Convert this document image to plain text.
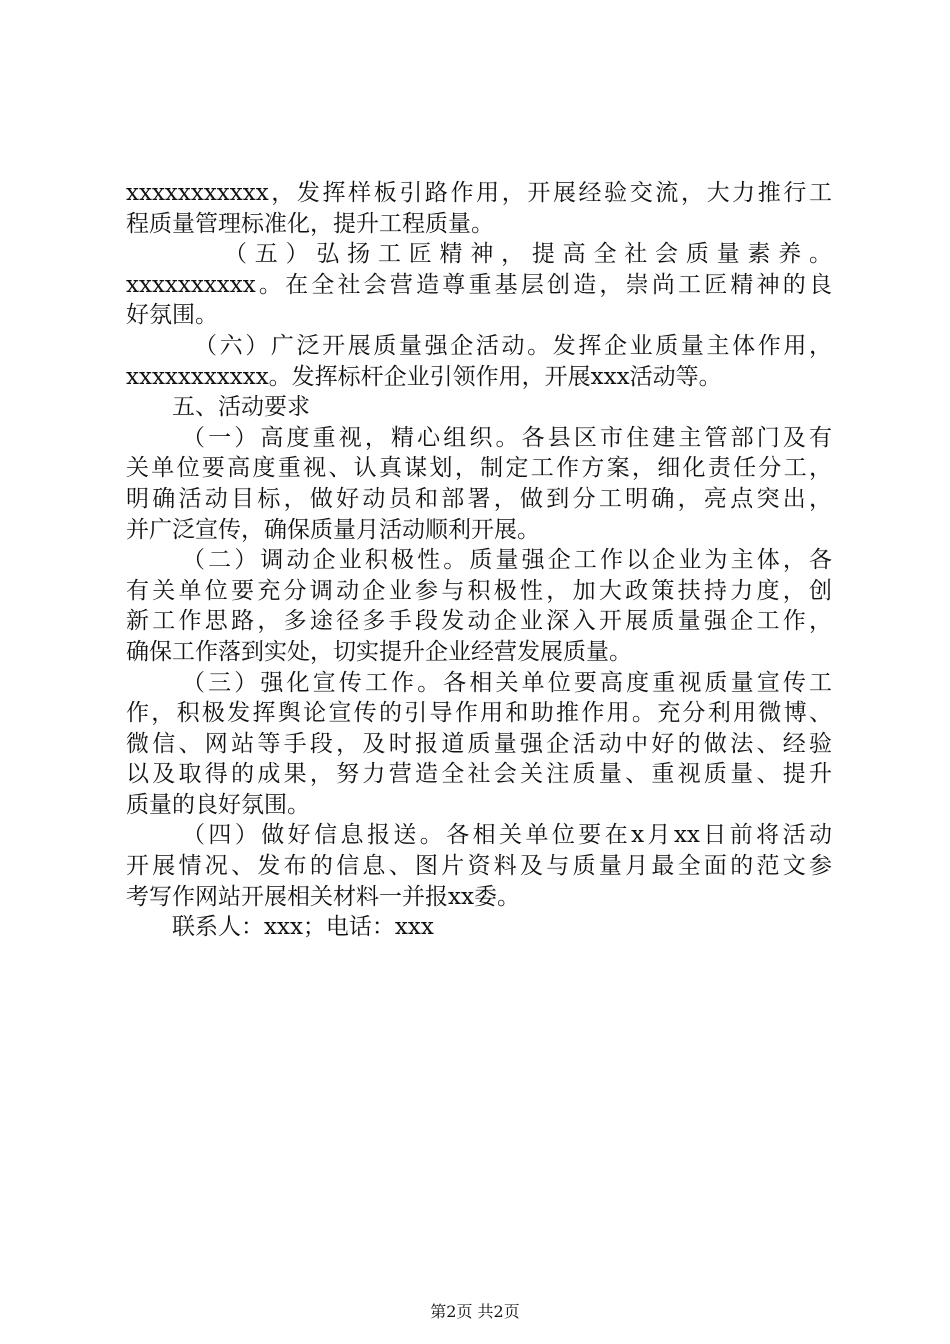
xxxxxxxxxxx，发挥样板引路作用，开展经验交流，大力推行工
程质量管理标准化，提升工程质量。
（五）弘扬工匠精神，提高全社会质量素养。
xxxxxxxxxx。在全社会营造尊重基层创造，崇尚工匠精神的良
好氛围。
（六）广泛开展质量强企活动。发挥企业质量主体作用，
xxxxxxxxxxx。发挥标杆企业引领作用，开展xxx活动等。
五、活动要求
（一）高度重视，精心组织。各县区市住建主管部门及有
关单位要高度重视、认真谋划，制定工作方案，细化责任分工，
明确活动目标，做好动员和部署，做到分工明确，亮点突出，
并广泛宣传，确保质量月活动顺利开展。
（二）调动企业积极性。质量强企工作以企业为主体，各
有关单位要充分调动企业参与积极性，加大政策扶持力度，创
新工作思路，多途径多手段发动企业深入开展质量强企工作，
确保工作落到实处，切实提升企业经营发展质量。
（三）强化宣传工作。各相关单位要高度重视质量宣传工
作，积极发挥舆论宣传的引导作用和助推作用。充分利用微博、
微信、网站等手段，及时报道质量强企活动中好的做法、经验
以及取得的成果，努力营造全社会关注质量、重视质量、提升
质量的良好氛围。
（四）做好信息报送。各相关单位要在x月xx日前将活动
开展情况、发布的信息、图片资料及与质量月最全面的范文参
考写作网站开展相关材料一并报xx委。
联系人：xxx；电话：xxx
第2页 共2页
